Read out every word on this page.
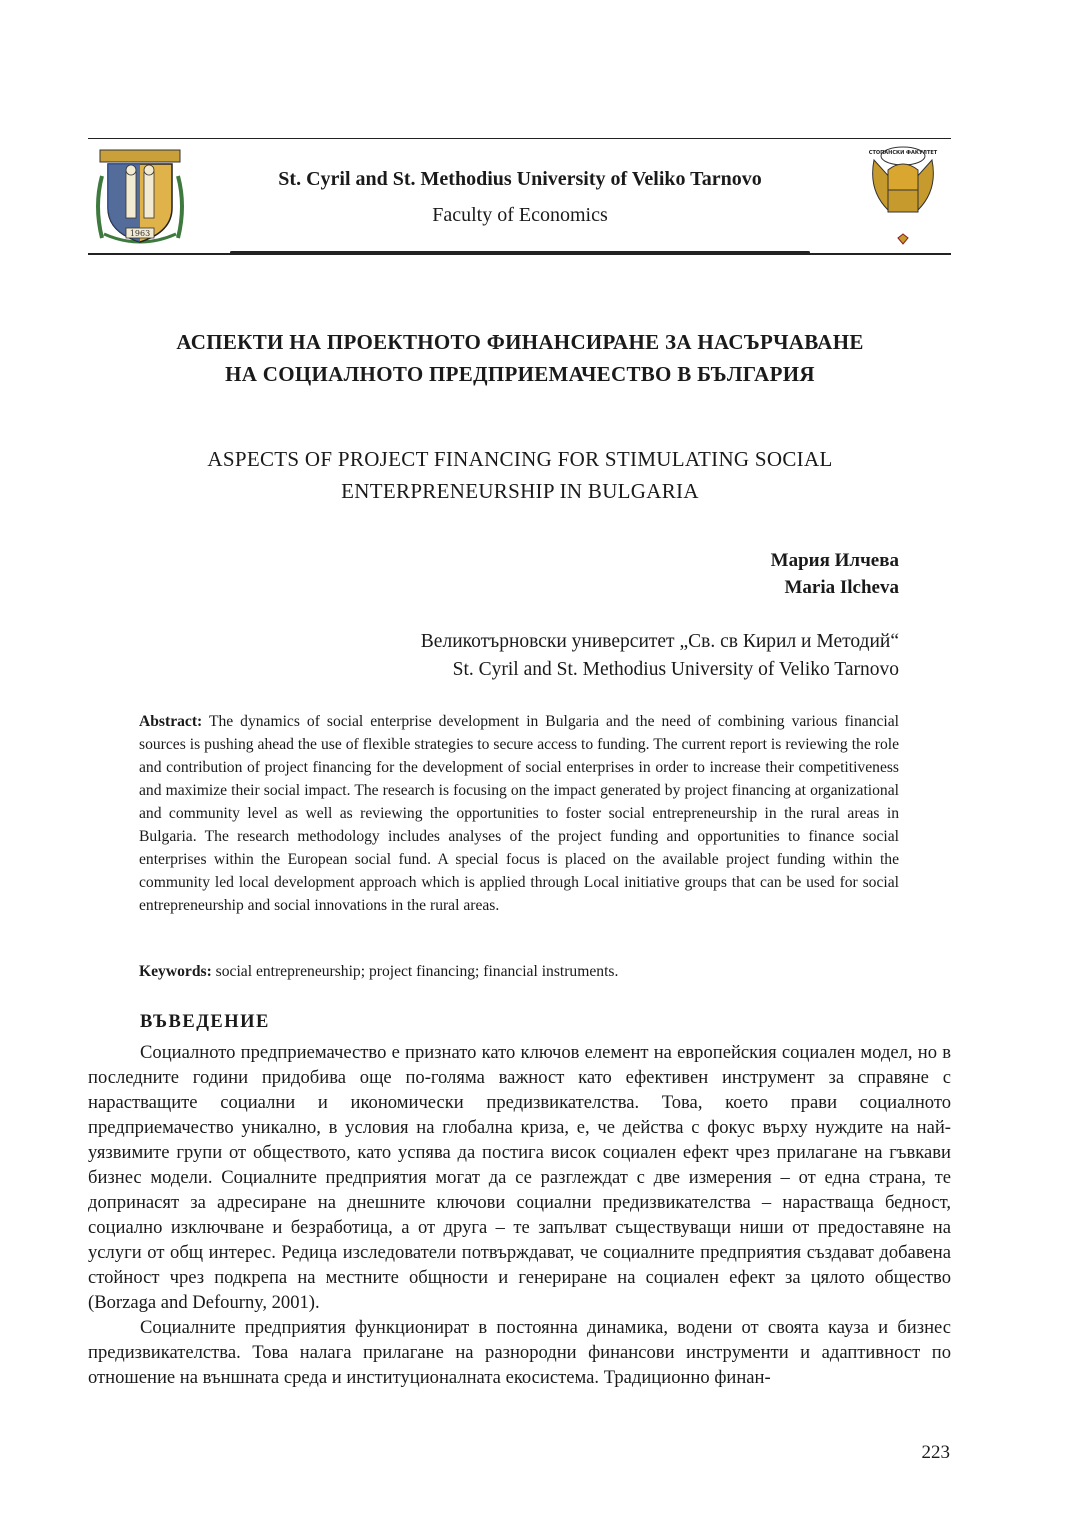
1963
St. Cyril and St. Methodius University of Veliko Tarnovo
Faculty of Economics
СТОПАНСКИ ФАКУЛТЕТ
АСПЕКТИ НА ПРОЕКТНОТО ФИНАНСИРАНЕ ЗА НАСЪРЧАВАНЕ
НА СОЦИАЛНОТО ПРЕДПРИЕМАЧЕСТВО В БЪЛГАРИЯ
ASPECTS OF PROJECT FINANCING FOR STIMULATING SOCIAL
ENTERPRENEURSHIP IN BULGARIA
Мария Илчева
Maria Ilcheva
Великотърновски университет „Св. св Кирил и Методий“
St. Cyril and St. Methodius University of Veliko Tarnovo
Abstract: The dynamics of social enterprise development in Bulgaria and the need of combining various financial sources is pushing ahead the use of flexible strategies to secure access to funding. The current report is reviewing the role and contribution of project financing for the development of social enterprises in order to increase their competitiveness and maximize their social impact. The research is focusing on the impact generated by project financing at organizational and community level as well as reviewing the opportunities to foster social entrepreneurship in the rural areas in Bulgaria. The research methodology includes analyses of the project funding and opportunities to finance social enterprises within the European social fund. A special focus is placed on the available project funding within the community led local development approach which is applied through Local initiative groups that can be used for social entrepreneurship and social innovations in the rural areas.
Keywords: social entrepreneurship; project financing; financial instruments.
ВЪВЕДЕНИЕ

Социалното предприемачество е признато като ключов елемент на европейския социален модел, но в последните години придобива още по-голяма важност като ефективен инструмент за справяне с нарастващите социални и икономически предизвикателства. Това, което прави социалното предприемачество уникално, в условия на глобална криза, е, че действа с фокус върху нуждите на най-уязвимите групи от обществото, като успява да постига висок социален ефект чрез прилагане на гъвкави бизнес модели. Социалните предприятия могат да се разглеждат с две измерения – от една страна, те допринасят за адресиране на днешните ключови социални предизвикателства – нарастваща бедност, социално изключване и безработица, а от друга – те запълват съществуващи ниши от предоставяне на услуги от общ интерес. Редица изследователи потвърждават, че социалните предприятия създават добавена стойност чрез подкрепа на местните общности и генериране на социален ефект за цялото общество (Borzaga and Defourny, 2001).

Социалните предприятия функционират в постоянна динамика, водени от своята кауза и бизнес предизвикателства. Това налага прилагане на разнородни финансови инструменти и адаптивност по отношение на външната среда и институционалната екосистема. Традиционно финан-

223
